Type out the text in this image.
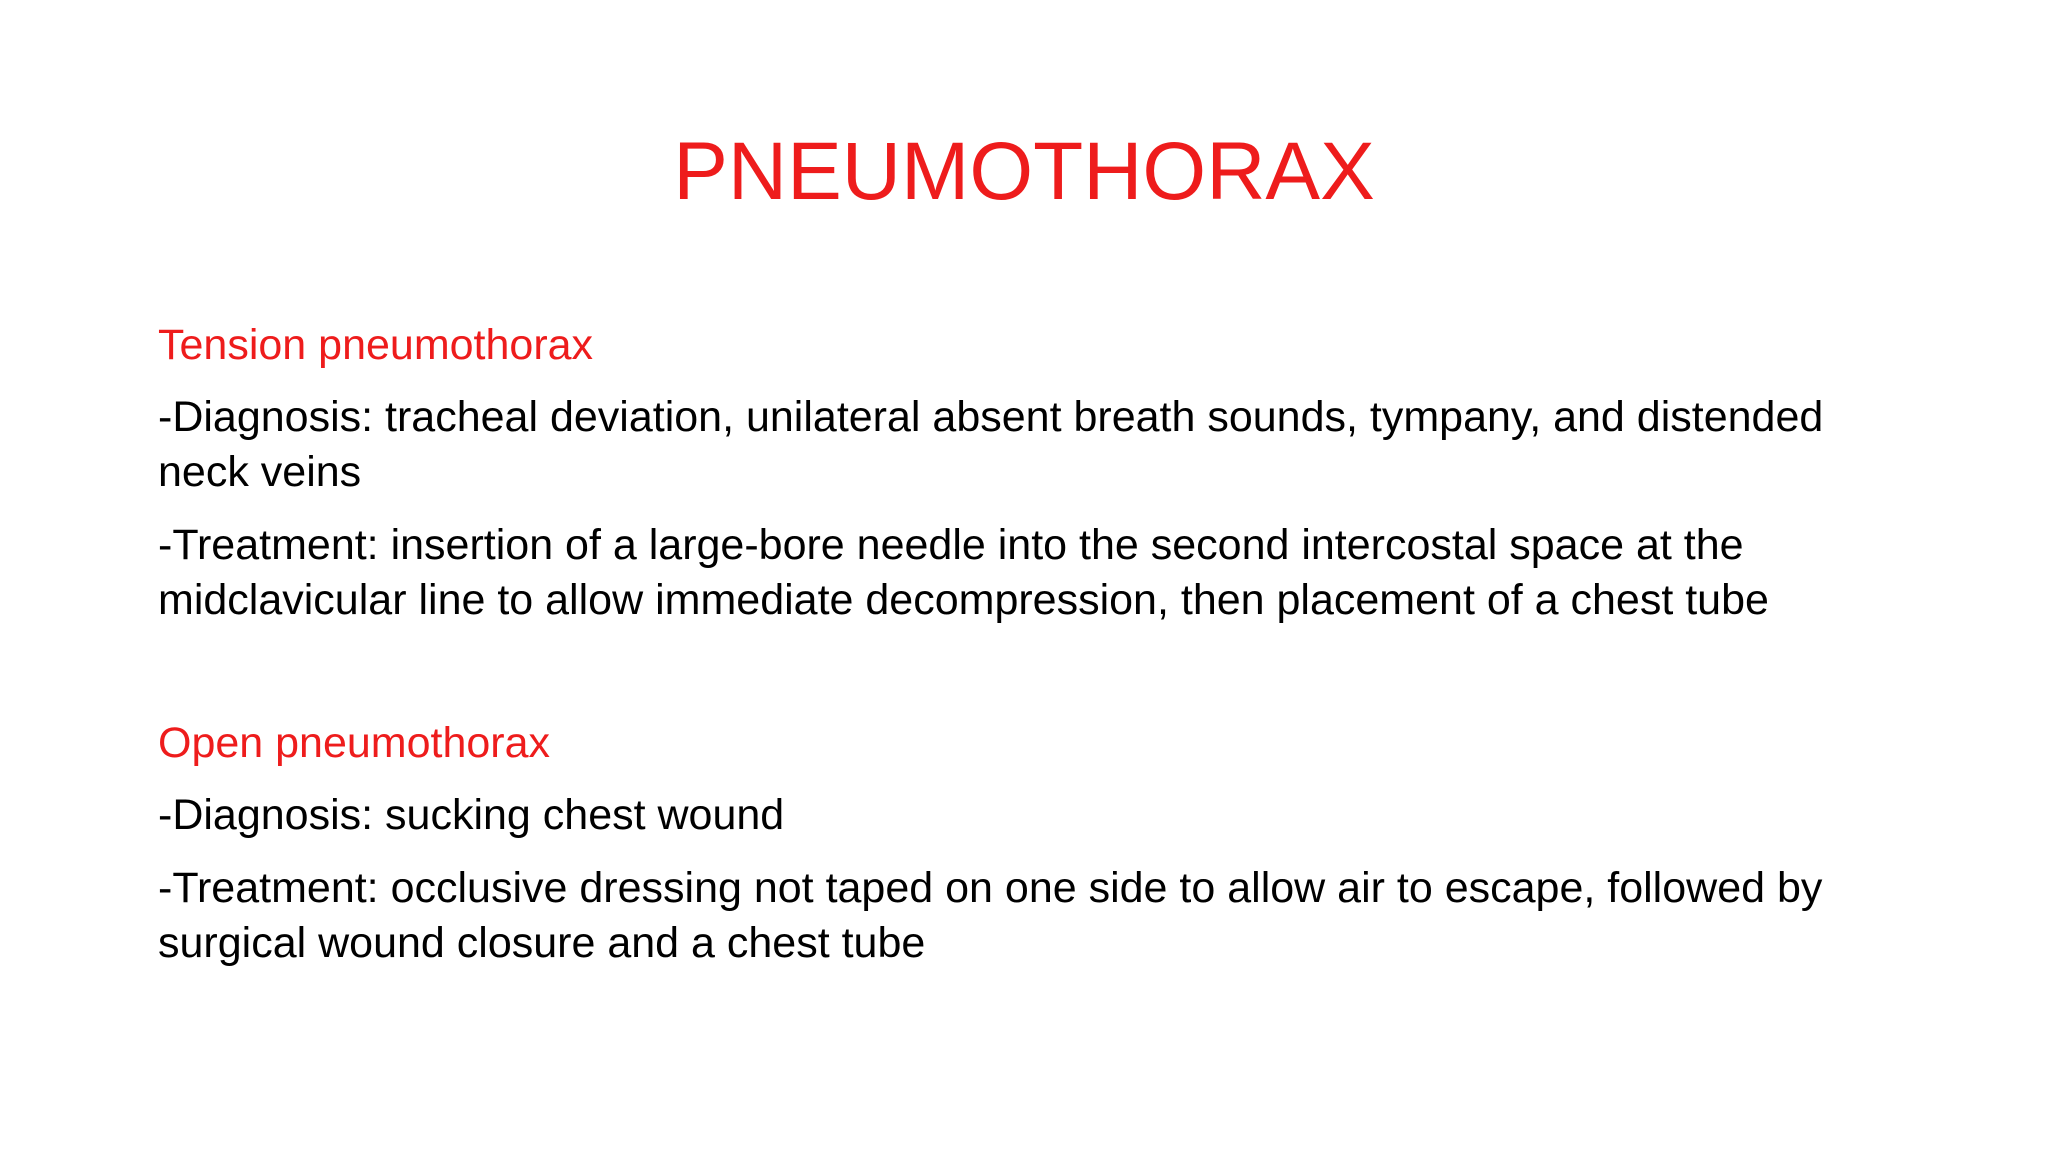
PNEUMOTHORAX
Tension pneumothorax
-Diagnosis: tracheal deviation, unilateral absent breath sounds, tympany, and distended neck veins
-Treatment: insertion of a large-bore needle into the second intercostal space at the midclavicular line to allow immediate decompression, then placement of a chest tube
Open pneumothorax
-Diagnosis: sucking chest wound
-Treatment: occlusive dressing not taped on one side to allow air to escape, followed by surgical wound closure and a chest tube
